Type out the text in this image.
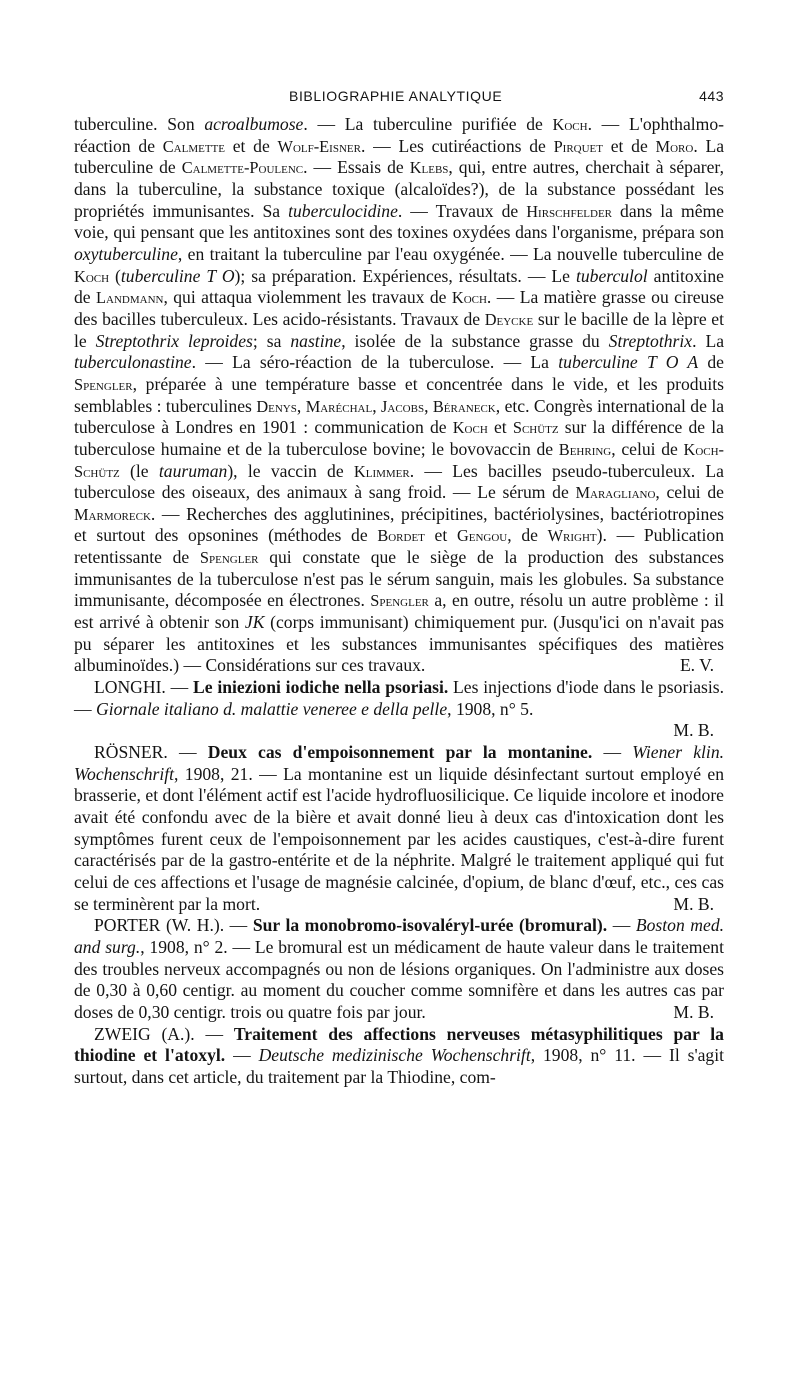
BIBLIOGRAPHIE ANALYTIQUE	443

tuberculine. Son acroalbumose. — La tuberculine purifiée de Koch. — L'ophthalmo-réaction de Calmette et de Wolf-Eisner. — Les cutiréactions de Pirquet et de Moro. La tuberculine de Calmette-Poulenc. — Essais de Klebs, qui, entre autres, cherchait à séparer, dans la tuberculine, la substance toxique (alcaloïdes?), de la substance possédant les propriétés immunisantes. Sa tuberculocidine. — Travaux de Hirschfelder dans la même voie, qui pensant que les antitoxines sont des toxines oxydées dans l'organisme, prépara son oxytuberculine, en traitant la tuberculine par l'eau oxygénée. — La nouvelle tuberculine de Koch (tuberculine T O); sa préparation. Expériences, résultats. — Le tuberculol antitoxine de Landmann, qui attaqua violemment les travaux de Koch. — La matière grasse ou cireuse des bacilles tuberculeux. Les acido-résistants. Travaux de Deycke sur le bacille de la lèpre et le Streptothrix leproides; sa nastine, isolée de la substance grasse du Streptothrix. La tuberculonastine. — La séro-réaction de la tuberculose. — La tuberculine T O A de Spengler, préparée à une température basse et concentrée dans le vide, et les produits semblables : tuberculines Denys, Maréchal, Jacobs, Béraneck, etc. Congrès international de la tuberculose à Londres en 1901 : communication de Koch et Schütz sur la différence de la tuberculose humaine et de la tuberculose bovine; le bovovaccin de Behring, celui de Koch-Schütz (le tauruman), le vaccin de Klimmer. — Les bacilles pseudo-tuberculeux. La tuberculose des oiseaux, des animaux à sang froid. — Le sérum de Maragliano, celui de Marmoreck. — Recherches des agglutinines, précipitines, bactériolysines, bactériotropines et surtout des opsonines (méthodes de Bordet et Gengou, de Wright). — Publication retentissante de Spengler qui constate que le siège de la production des substances immunisantes de la tuberculose n'est pas le sérum sanguin, mais les globules. Sa substance immunisante, décomposée en électrones. Spengler a, en outre, résolu un autre problème : il est arrivé à obtenir son JK (corps immunisant) chimiquement pur. (Jusqu'ici on n'avait pas pu séparer les antitoxines et les substances immunisantes spécifiques des matières albuminoïdes.) — Considérations sur ces travaux.	E. V.

LONGHI. — Le iniezioni iodiche nella psoriasi. Les injections d'iode dans le psoriasis. — Giornale italiano d. malattie veneree e della pelle, 1908, n° 5.
M. B.

RÖSNER. — Deux cas d'empoisonnement par la montanine. — Wiener klin. Wochenschrift, 1908, 21. — La montanine est un liquide désinfectant surtout employé en brasserie, et dont l'élément actif est l'acide hydrofluosilicique. Ce liquide incolore et inodore avait été confondu avec de la bière et avait donné lieu à deux cas d'intoxication dont les symptômes furent ceux de l'empoisonnement par les acides caustiques, c'est-à-dire furent caractérisés par de la gastro-entérite et de la néphrite. Malgré le traitement appliqué qui fut celui de ces affections et l'usage de magnésie calcinée, d'opium, de blanc d'œuf, etc., ces cas se terminèrent par la mort.	M. B.

PORTER (W. H.). — Sur la monobromo-isovaléryl-urée (bromural). — Boston med. and surg., 1908, n° 2. — Le bromural est un médicament de haute valeur dans le traitement des troubles nerveux accompagnés ou non de lésions organiques. On l'administre aux doses de 0,30 à 0,60 centigr. au moment du coucher comme somnifère et dans les autres cas par doses de 0,30 centigr. trois ou quatre fois par jour.	M. B.

ZWEIG (A.). — Traitement des affections nerveuses métasyphilitiques par la thiodine et l'atoxyl. — Deutsche medizinische Wochenschrift, 1908, n° 11. — Il s'agit surtout, dans cet article, du traitement par la Thiodine, com-
